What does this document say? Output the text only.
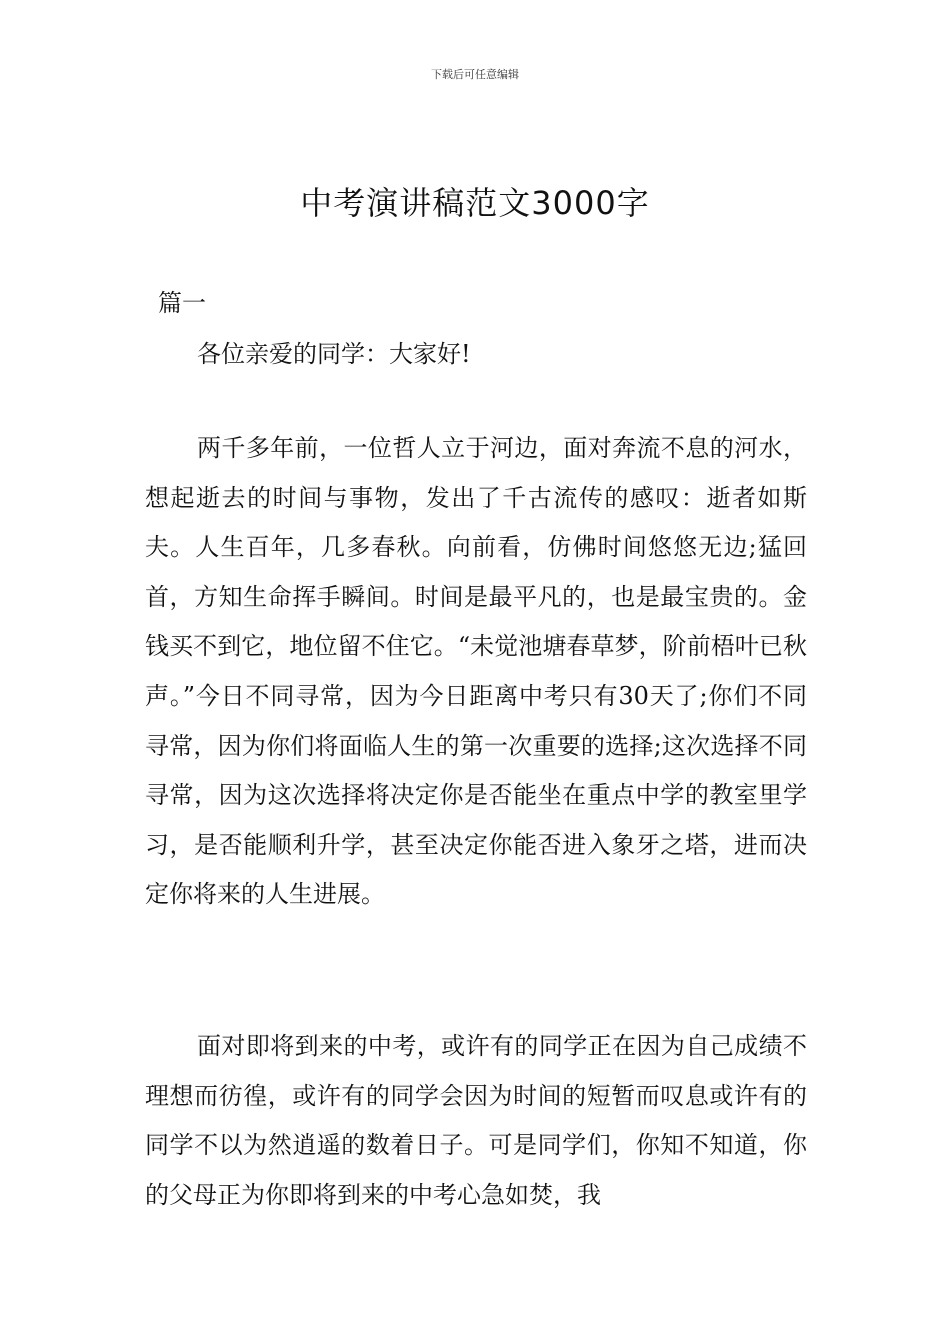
下载后可任意编辑
中考演讲稿范文3000字
篇一
各位亲爱的同学：大家好!

两千多年前，一位哲人立于河边，面对奔流不息的河水，想起逝去的时间与事物，发出了千古流传的感叹：逝者如斯夫。人生百年，几多春秋。向前看，仿佛时间悠悠无边;猛回首，方知生命挥手瞬间。时间是最平凡的，也是最宝贵的。金钱买不到它，地位留不住它。“未觉池塘春草梦，阶前梧叶已秋声。”今日不同寻常，因为今日距离中考只有30天了;你们不同寻常，因为你们将面临人生的第一次重要的选择;这次选择不同寻常，因为这次选择将决定你是否能坐在重点中学的教室里学习，是否能顺利升学，甚至决定你能否进入象牙之塔，进而决定你将来的人生进展。

面对即将到来的中考，或许有的同学正在因为自己成绩不理想而彷徨，或许有的同学会因为时间的短暂而叹息或许有的同学不以为然逍遥的数着日子。可是同学们，你知不知道，你的父母正为你即将到来的中考心急如焚，我
